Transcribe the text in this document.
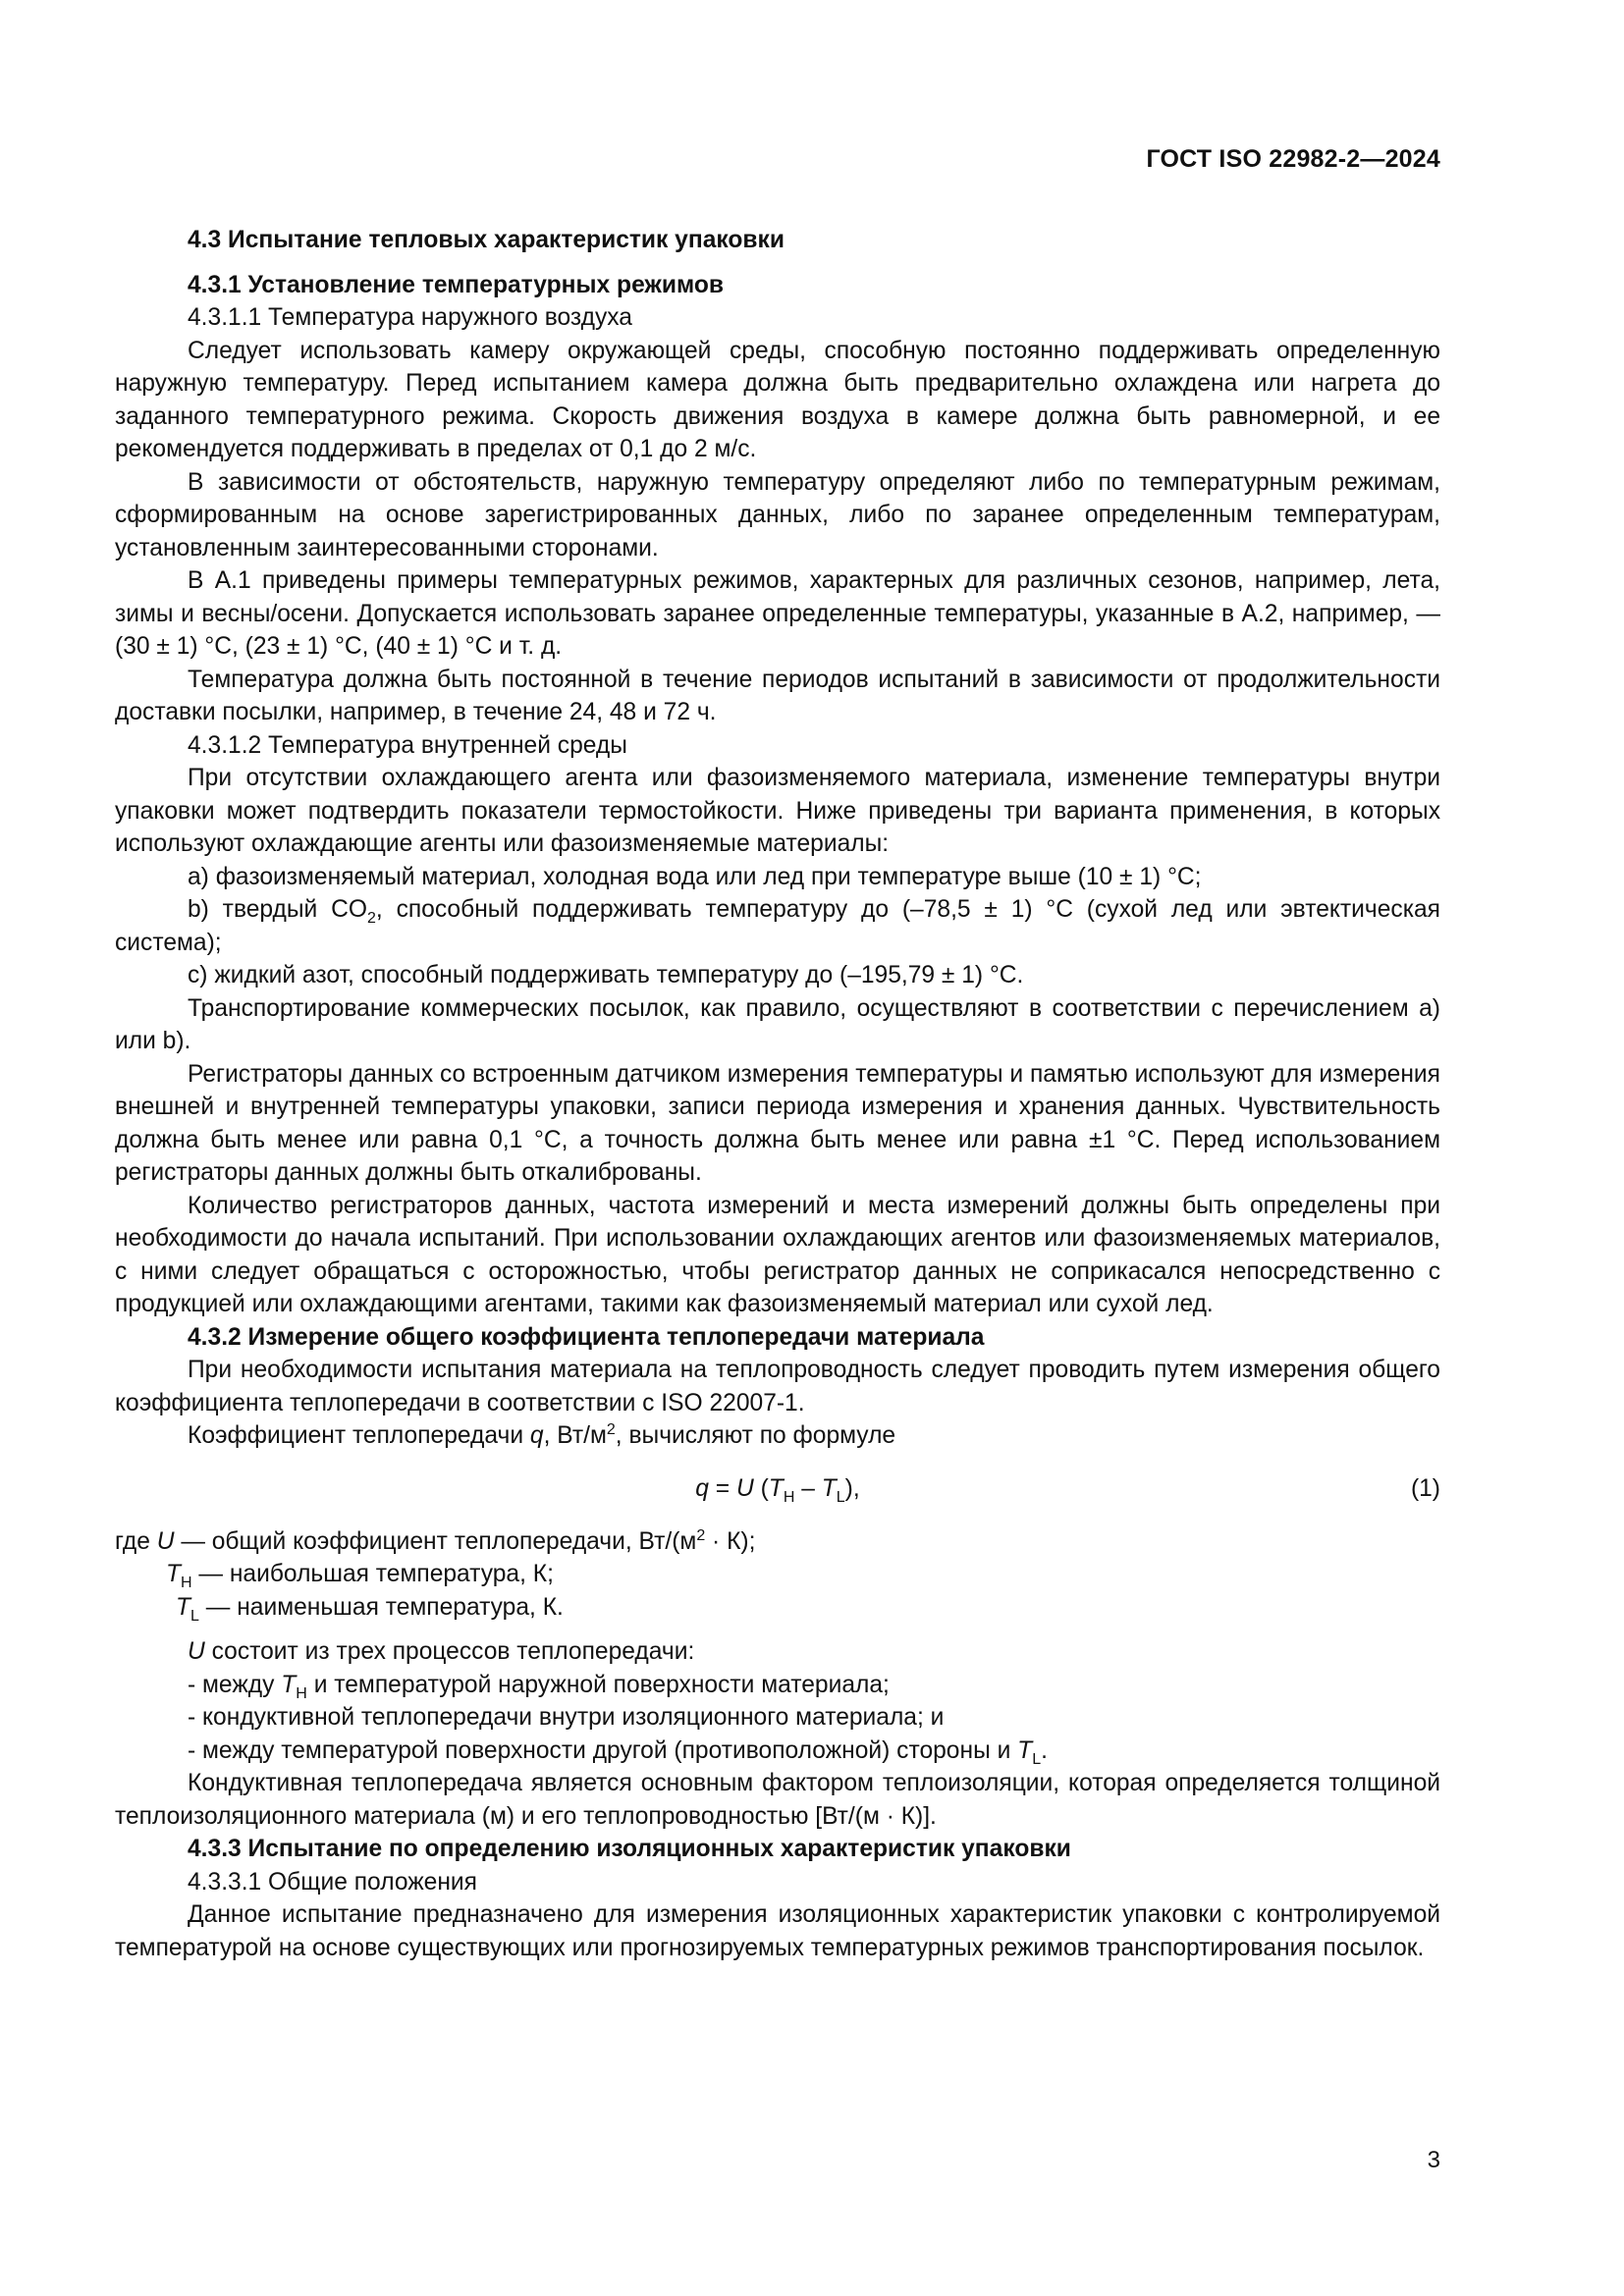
ГОСТ ISO 22982-2—2024

4.3 Испытание тепловых характеристик упаковки

4.3.1 Установление температурных режимов

4.3.1.1 Температура наружного воздуха

Следует использовать камеру окружающей среды, способную постоянно поддерживать определенную наружную температуру. Перед испытанием камера должна быть предварительно охлаждена или нагрета до заданного температурного режима. Скорость движения воздуха в камере должна быть равномерной, и ее рекомендуется поддерживать в пределах от 0,1 до 2 м/с.

В зависимости от обстоятельств, наружную температуру определяют либо по температурным режимам, сформированным на основе зарегистрированных данных, либо по заранее определенным температурам, установленным заинтересованными сторонами.

В А.1 приведены примеры температурных режимов, характерных для различных сезонов, например, лета, зимы и весны/осени. Допускается использовать заранее определенные температуры, указанные в А.2, например, — (30 ± 1) °С, (23 ± 1) °С, (40 ± 1) °С и т. д.

Температура должна быть постоянной в течение периодов испытаний в зависимости от продолжительности доставки посылки, например, в течение 24, 48 и 72 ч.

4.3.1.2 Температура внутренней среды

При отсутствии охлаждающего агента или фазоизменяемого материала, изменение температуры внутри упаковки может подтвердить показатели термостойкости. Ниже приведены три варианта применения, в которых используют охлаждающие агенты или фазоизменяемые материалы:

а) фазоизменяемый материал, холодная вода или лед при температуре выше (10 ± 1) °С;

b) твердый $CO_2$, способный поддерживать температуру до (–78,5 ± 1) °С (сухой лед или эвтектическая система);

с) жидкий азот, способный поддерживать температуру до (–195,79 ± 1) °С.

Транспортирование коммерческих посылок, как правило, осуществляют в соответствии с перечислением а) или b).

Регистраторы данных со встроенным датчиком измерения температуры и памятью используют для измерения внешней и внутренней температуры упаковки, записи периода измерения и хранения данных. Чувствительность должна быть менее или равна 0,1 °С, а точность должна быть менее или равна ±1 °С. Перед использованием регистраторы данных должны быть откалиброваны.

Количество регистраторов данных, частота измерений и места измерений должны быть определены при необходимости до начала испытаний. При использовании охлаждающих агентов или фазоизменяемых материалов, с ними следует обращаться с осторожностью, чтобы регистратор данных не соприкасался непосредственно с продукцией или охлаждающими агентами, такими как фазоизменяемый материал или сухой лед.

4.3.2 Измерение общего коэффициента теплопередачи материала

При необходимости испытания материала на теплопроводность следует проводить путем измерения общего коэффициента теплопередачи в соответствии с ISO 22007-1.

Коэффициент теплопередачи q, $Вт/м^2$, вычисляют по формуле

q = U $(T_H - T_L)$,	(1)

где U — общий коэффициент теплопередачи, $Вт/(м^2 \cdot К)$;

$T_Н$ — наибольшая температура, К;

$T_L$ — наименьшая температура, К.

U состоит из трех процессов теплопередачи:

- между $T_H$ и температурой наружной поверхности материала;

- кондуктивной теплопередачи внутри изоляционного материала; и

- между температурой поверхности другой (противоположной) стороны и $T_L$.

Кондуктивная теплопередача является основным фактором теплоизоляции, которая определяется толщиной теплоизоляционного материала (м) и его теплопроводностью [Вт/(м · К)].

4.3.3 Испытание по определению изоляционных характеристик упаковки

4.3.3.1 Общие положения

Данное испытание предназначено для измерения изоляционных характеристик упаковки с контролируемой температурой на основе существующих или прогнозируемых температурных режимов транспортирования посылок.

3
